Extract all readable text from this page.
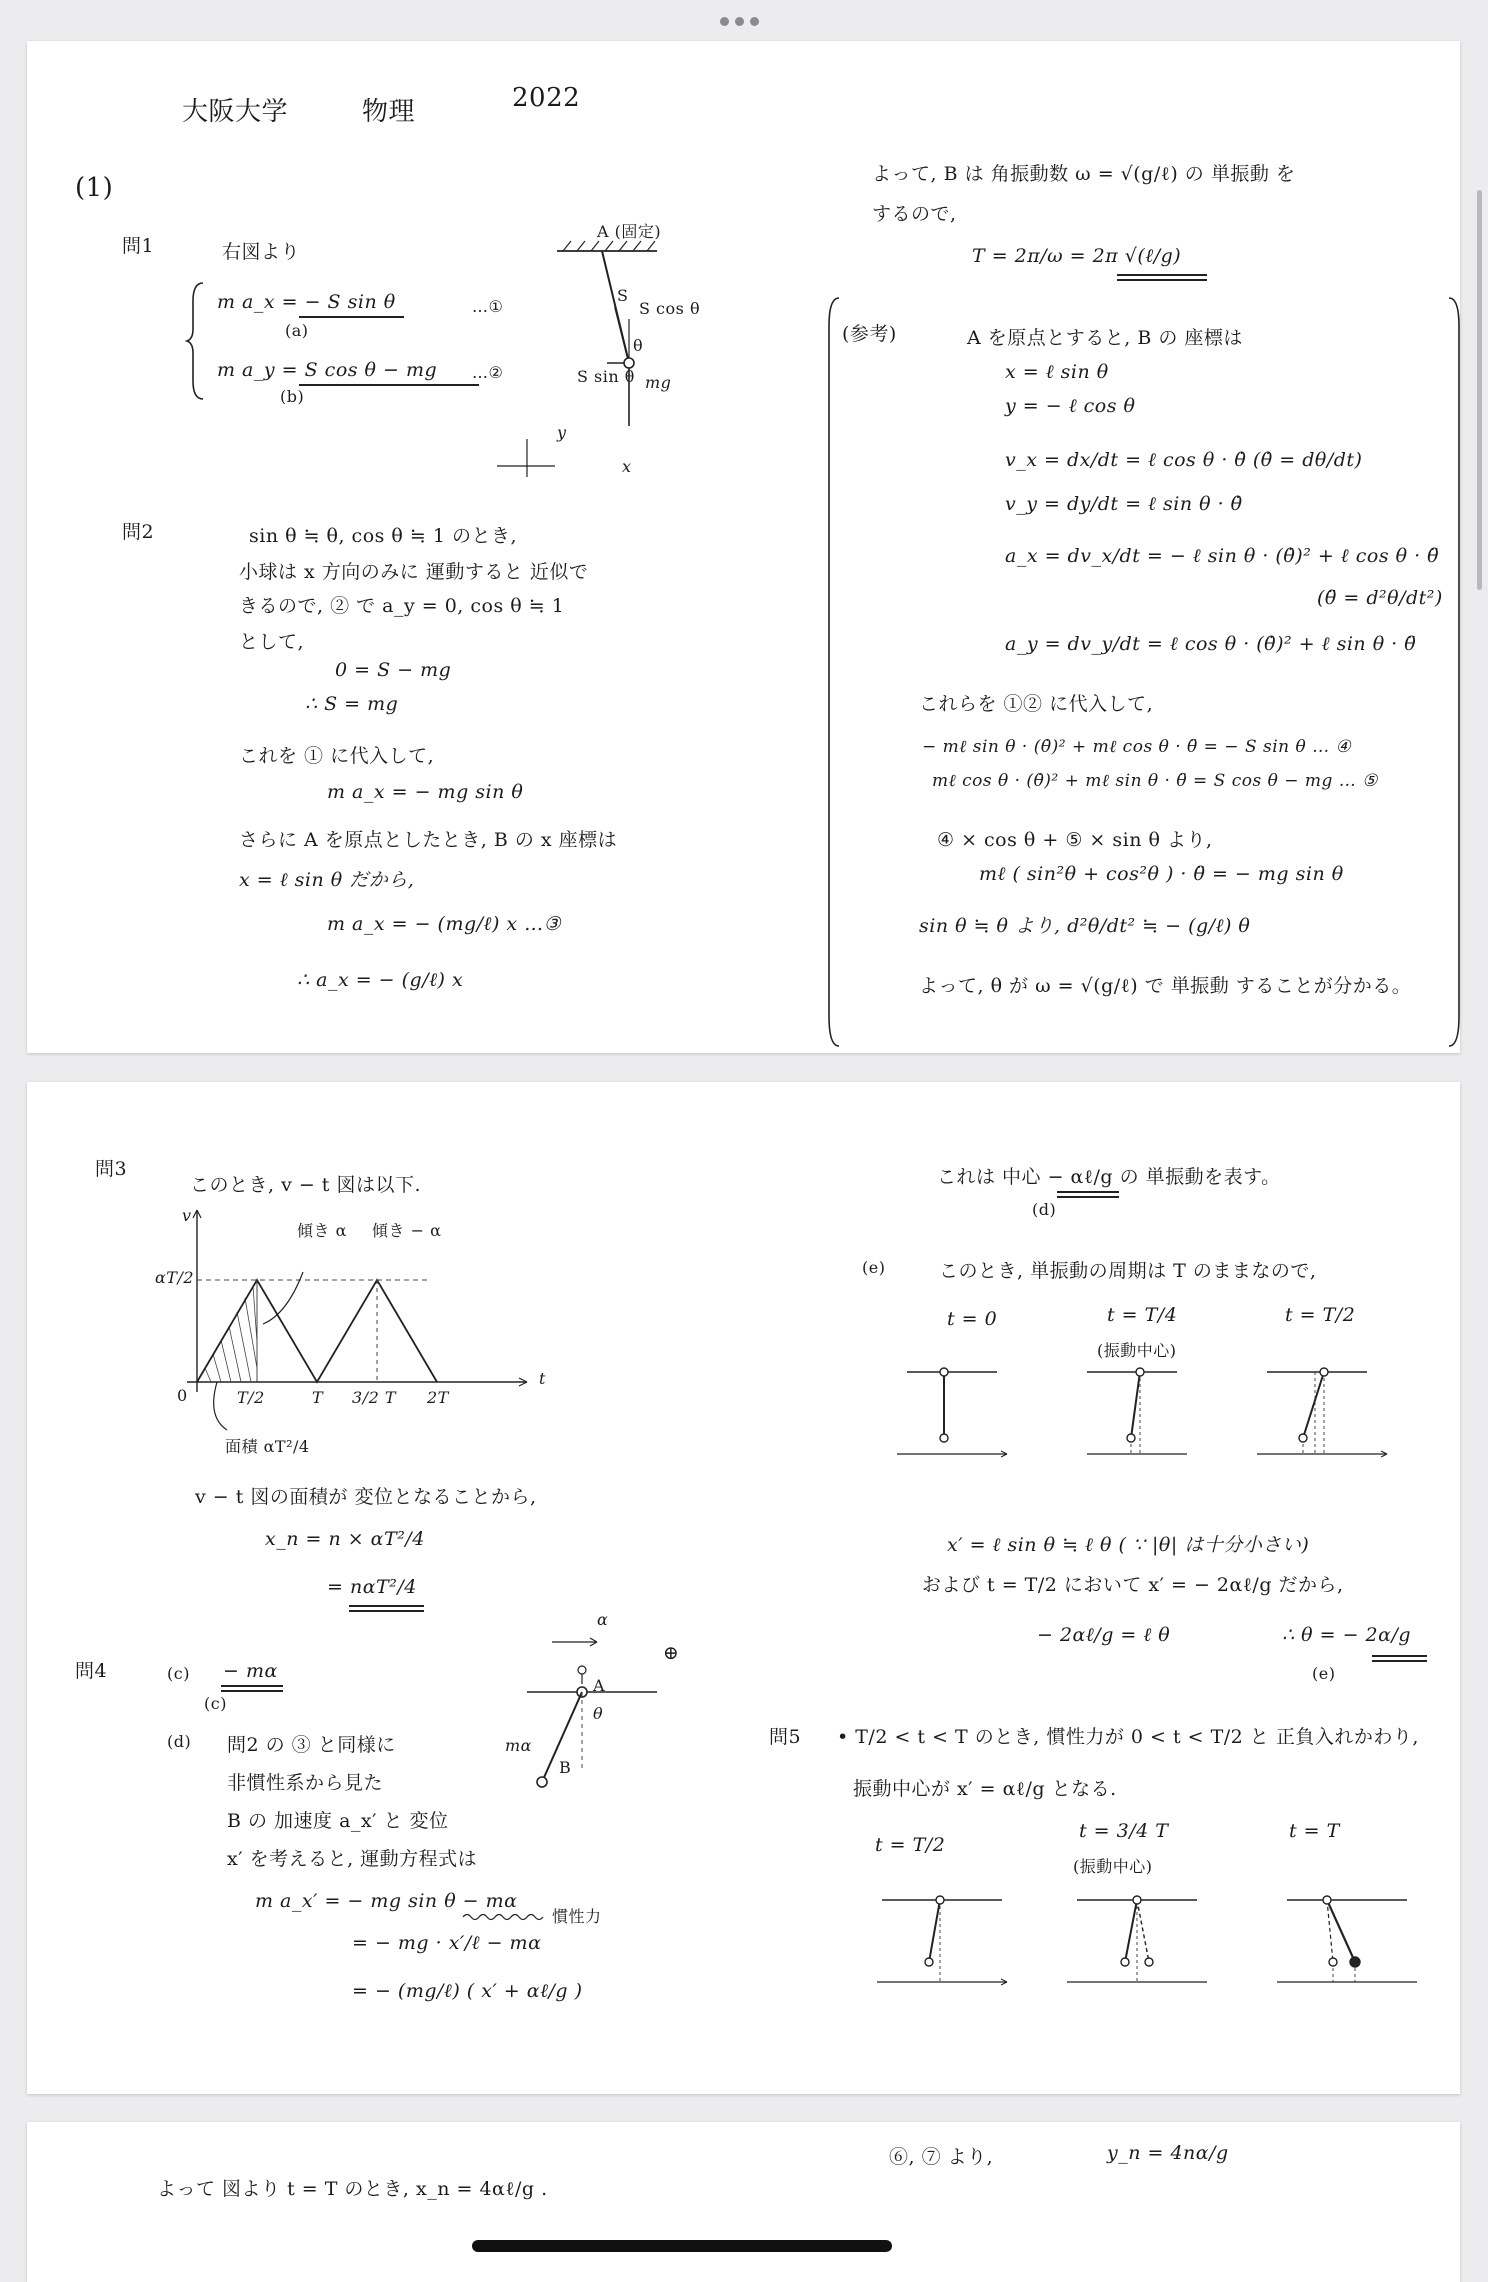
大阪大学	物理	2022
(1)
問1	右図より
m a_x = − S sin θ
(a)
…①
m a_y = S cos θ − mg
(b)
…②
A (固定)
S
S cos θ
θ
S sin θ mg
y
x
問2	sin θ ≒ θ, cos θ ≒ 1 のとき,
小球は x 方向のみに 運動すると 近似で
きるので, ② で a_y = 0, cos θ ≒ 1
として,
0 = S − mg
∴ S = mg
これを ① に代入して,
m a_x = − mg sin θ
さらに A を原点としたとき, B の x 座標は
x = ℓ sin θ だから,
m a_x = − (mg/ℓ) x …③
∴ a_x = − (g/ℓ) x
よって, B は 角振動数 ω = √(g/ℓ) の 単振動 を
するので,
T = 2π/ω = 2π √(ℓ/g)
(参考)	A を原点とすると, B の 座標は
x = ℓ sin θ
y = − ℓ cos θ
v_x = dx/dt = ℓ cos θ · θ̇ (θ̇ = dθ/dt)
v_y = dy/dt = ℓ sin θ · θ̇
a_x = dv_x/dt = − ℓ sin θ · (θ̇)² + ℓ cos θ · θ̈
(θ̈ = d²θ/dt²)
a_y = dv_y/dt = ℓ cos θ · (θ̇)² + ℓ sin θ · θ̈
これらを ①② に代入して,
− mℓ sin θ · (θ̇)² + mℓ cos θ · θ̈ = − S sin θ … ④
mℓ cos θ · (θ̇)² + mℓ sin θ · θ̈ = S cos θ − mg … ⑤
④ × cos θ + ⑤ × sin θ より,
mℓ ( sin²θ + cos²θ ) · θ̈ = − mg sin θ
sin θ ≒ θ より, d²θ/dt² ≒ − (g/ℓ) θ
よって, θ が ω = √(g/ℓ) で 単振動 することが分かる。
問3
このとき, v − t 図は以下.
v
t
αT/2
傾き α 傾き − α
0	T/2	T 3/2 T 2T
面積 αT²/4
v − t 図の面積が 変位となることから,
x_n = n × αT²/4
= nαT²/4
問4	(c) − mα
(c)
(d) 問2 の ③ と同様に
非慣性系から見た
B の 加速度 a_x′ と 変位
x′ を考えると, 運動方程式は
m a_x′ = − mg sin θ − mα
慣性力
= − mg · x′/ℓ − mα
= − (mg/ℓ) ( x′ + αℓ/g )
α
⊕
A
θ
mα
B
これは 中心 − αℓ/g の 単振動を表す。
(d)
(e)	このとき, 単振動の周期は T のままなので,
t = 0	t = T/4
(振動中心)
t = T/2
x′ = ℓ sin θ ≒ ℓ θ ( ∵ |θ| は十分小さい)
および t = T/2 において x′ = − 2αℓ/g だから,
− 2αℓ/g = ℓ θ	∴ θ = − 2α/g
(e)
問5 • T/2 < t < T のとき, 慣性力が 0 < t < T/2 と 正負入れかわり,
振動中心が x′ = αℓ/g となる.
t = T/2
t = 3/4 T
(振動中心)
t = T
よって 図より t = T のとき, x_n = 4αℓ/g .
⑥, ⑦ より,	y_n = 4nα/g
